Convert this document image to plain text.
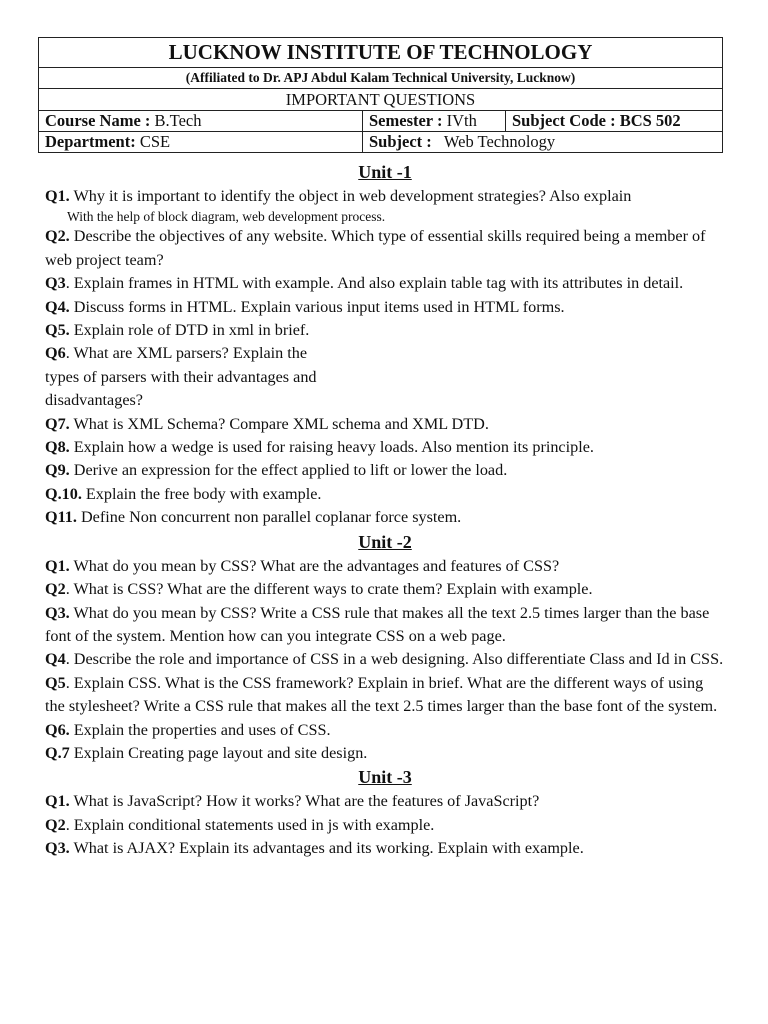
LUCKNOW INSTITUTE OF TECHNOLOGY		
(Affiliated to Dr. APJ Abdul Kalam Technical University, Lucknow)		
IMPORTANT QUESTIONS		
Course Name : B.Tech	Semester : IVth	Subject Code : BCS 502
Department: CSE	Subject :   Web Technology	

Unit -1

Q1. Why it is important to identify the object in web development strategies? Also explain
With the help of block diagram, web development process.

Q2. Describe the objectives of any website. Which type of essential skills required being a member of web project team?

Q3. Explain frames in HTML with example. And also explain table tag with its attributes in detail.

Q4. Discuss forms in HTML. Explain various input items used in HTML forms.

Q5. Explain role of DTD in xml in brief.

Q6. What are XML parsers? Explain the
types of parsers with their advantages and
disadvantages?

Q7. What is XML Schema? Compare XML schema and XML DTD.

Q8. Explain how a wedge is used for raising heavy loads. Also mention its principle.

Q9. Derive an expression for the effect applied to lift or lower the load.

Q.10. Explain the free body with example.

Q11. Define Non concurrent non parallel coplanar force system.

Unit -2

Q1. What do you mean by CSS? What are the advantages and features of CSS?

Q2. What is CSS? What are the different ways to crate them? Explain with example.

Q3. What do you mean by CSS? Write a CSS rule that makes all the text 2.5 times larger than the base font of the system. Mention how can you integrate CSS on a web page.

Q4. Describe the role and importance of CSS in a web designing. Also differentiate Class and Id in CSS.

Q5. Explain CSS. What is the CSS framework? Explain in brief. What are the different ways of using the stylesheet? Write a CSS rule that makes all the text 2.5 times larger than the base font of the system.

Q6. Explain the properties and uses of CSS.

Q.7 Explain Creating page layout and site design.

Unit -3

Q1. What is JavaScript? How it works? What are the features of JavaScript?

Q2. Explain conditional statements used in js with example.

Q3. What is AJAX? Explain its advantages and its working. Explain with example.
